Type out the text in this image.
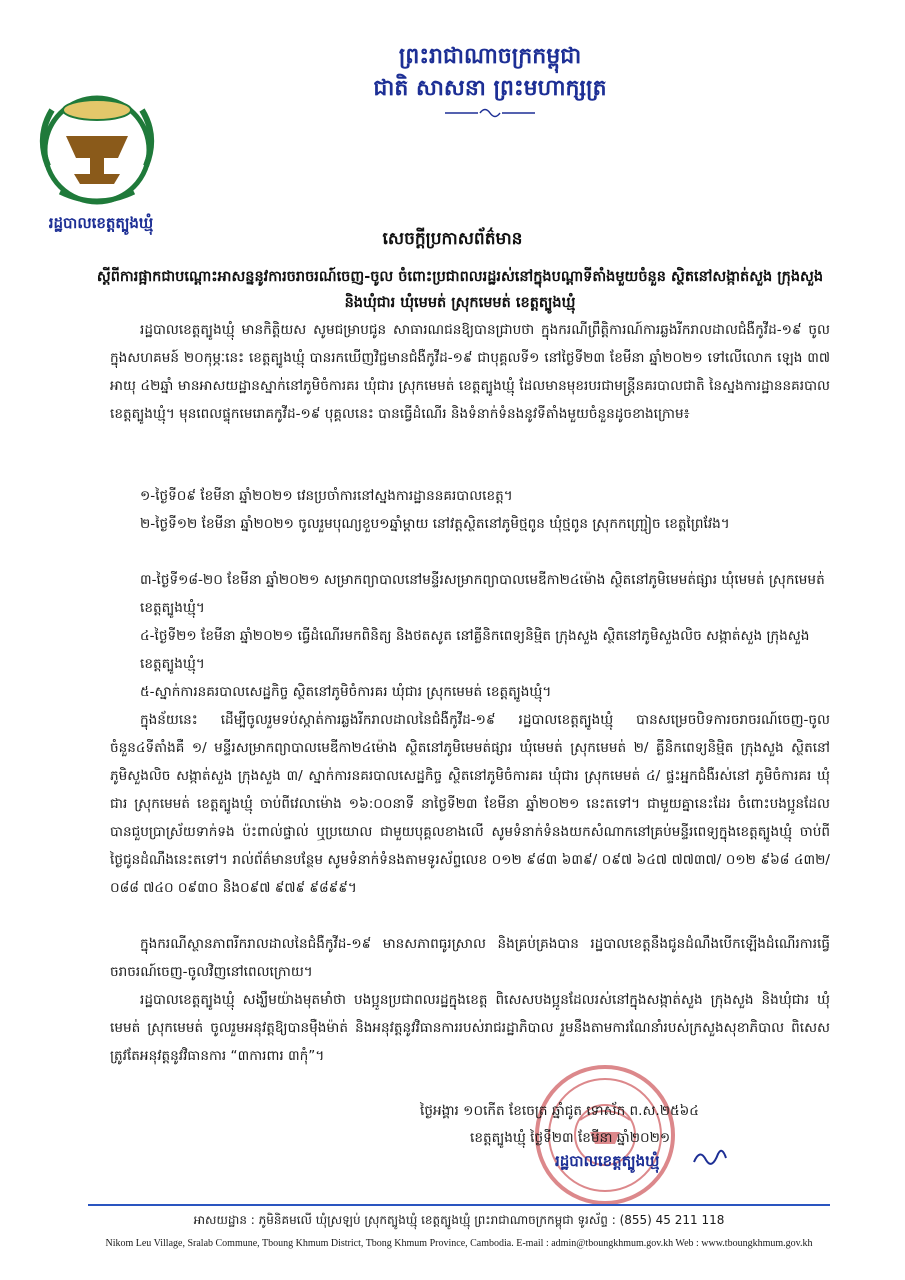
ព្រះរាជាណាចក្រកម្ពុជា
ជាតិ សាសនា ព្រះមហាក្សត្រ
រដ្ឋបាលខេត្តត្បូងឃ្មុំ
សេចក្តីប្រកាសព័ត៌មាន
ស្តីពីការផ្អាកជាបណ្តោះអាសន្ននូវការចរាចរណ៍ចេញ-ចូល ចំពោះប្រជាពលរដ្ឋរស់នៅក្នុងបណ្តាទីតាំងមួយចំនួន ស្ថិតនៅសង្កាត់សួង ក្រុងសួង និងឃុំជារ ឃុំមេមត់ ស្រុកមេមត់ ខេត្តត្បូងឃ្មុំ
រដ្ឋបាលខេត្តត្បូងឃ្មុំ មានកិត្តិយស សូមជម្រាបជូន សាធារណជនឱ្យបានជ្រាបថា ក្នុងករណីព្រឹត្តិការណ៍ការឆ្លងរីករាលដាលជំងឺកូវីដ-១៩ ចូលក្នុងសហគមន៍ ២០កុម្ភៈនេះ ខេត្តត្បូងឃ្មុំ បានរកឃើញវិជ្ជមានជំងឺកូវីដ-១៩ ជាបុគ្គលទី១ នៅថ្ងៃទី២៣ ខែមីនា ឆ្នាំ២០២១ ទៅលើលោក ឡេង ៣៧ អាយុ ៤២ឆ្នាំ មានអាសយដ្ឋានស្នាក់នៅភូមិចំការគរ ឃុំជារ ស្រុកមេមត់ ខេត្តត្បូងឃ្មុំ ដែលមានមុខរបរជាមន្ត្រីនគរបាលជាតិ នៃស្នងការដ្ឋាននគរបាលខេត្តត្បូងឃ្មុំ។ មុនពេលផ្ទុកមេរោគកូវីដ-១៩ បុគ្គលនេះ បានធ្វើដំណើរ និងទំនាក់ទំនងនូវទីតាំងមួយចំនួនដូចខាងក្រោម៖
១-ថ្ងៃទី០៩ ខែមីនា ឆ្នាំ២០២១ វេនប្រចាំការនៅស្នងការដ្ឋាននគរបាលខេត្ត។
២-ថ្ងៃទី១២ ខែមីនា ឆ្នាំ២០២១ ចូលរួមបុណ្យខួប១ឆ្នាំម្តាយ នៅវត្តស្ថិតនៅភូមិថ្មពូន ឃុំថ្មពូន ស្រុកកញ្ជ្រៀច ខេត្តព្រៃវែង។
៣-ថ្ងៃទី១៨-២០ ខែមីនា ឆ្នាំ២០២១ សម្រាកព្យាបាលនៅមន្ទីរសម្រាកព្យាបាលមេឌីកា២៤ម៉ោង ស្ថិតនៅភូមិមេមត់ផ្សារ ឃុំមេមត់ ស្រុកមេមត់ ខេត្តត្បូងឃ្មុំ។
៤-ថ្ងៃទី២១ ខែមីនា ឆ្នាំ២០២១ ធ្វើដំណើរមកពិនិត្យ និងថតសូត នៅគ្លីនិកពេទ្យនិម្មិត ក្រុងសួង ស្ថិតនៅភូមិសួងលិច សង្កាត់សួង ក្រុងសួង ខេត្តត្បូងឃ្មុំ។
៥-ស្នាក់ការនគរបាលសេដ្ឋកិច្ច ស្ថិតនៅភូមិចំការគរ ឃុំជារ ស្រុកមេមត់ ខេត្តត្បូងឃ្មុំ។
ក្នុងន័យនេះ ដើម្បីចូលរួមទប់ស្កាត់ការឆ្លងរីករាលដាលនៃជំងឺកូវីដ-១៩ រដ្ឋបាលខេត្តត្បូងឃ្មុំ បានសម្រេចបិទការចរាចរណ៍ចេញ-ចូល ចំនួន៤ទីតាំងគឺ ១/ មន្ទីរសម្រាកព្យាបាលមេឌីកា២៤ម៉ោង ស្ថិតនៅភូមិមេមត់ផ្សារ ឃុំមេមត់ ស្រុកមេមត់ ២/ គ្លីនិកពេទ្យនិម្មិត ក្រុងសួង ស្ថិតនៅភូមិសួងលិច សង្កាត់សួង ក្រុងសួង ៣/ ស្នាក់ការនគរបាលសេដ្ឋកិច្ច ស្ថិតនៅភូមិចំការគរ ឃុំជារ ស្រុកមេមត់ ៤/ ផ្ទះអ្នកជំងឺរស់នៅ ភូមិចំការគរ ឃុំជារ ស្រុកមេមត់ ខេត្តត្បូងឃ្មុំ ចាប់ពីវេលាម៉ោង ១៦:០០នាទី នាថ្ងៃទី២៣ ខែមីនា ឆ្នាំ២០២១ នេះតទៅ។ ជាមួយគ្នានេះដែរ ចំពោះបងប្អូនដែលបានជួបប្រាស្រ័យទាក់ទង ប៉ះពាល់ផ្ទាល់ ឬប្រយោល ជាមួយបុគ្គលខាងលើ សូមទំនាក់ទំនងយកសំណាកនៅគ្រប់មន្ទីរពេទ្យក្នុងខេត្តត្បូងឃ្មុំ ចាប់ពីថ្ងៃជូនដំណឹងនេះតទៅ។ រាល់ព័ត៌មានបន្ថែម សូមទំនាក់ទំនងតាមទូរស័ព្ទលេខ ០១២ ៩៨៣ ៦៣៩/ ០៩៧ ៦៤៧ ៧៧៣៧/ ០១២ ៩៦៨ ៤៣២/ ០៨៨ ៧៤០ ០៩៣០ និង០៩៧ ៩៧៩ ៩៨៩៩។
ក្នុងករណីស្ថានភាពរីករាលដាលនៃជំងឺកូវីដ-១៩ មានសភាពធូរស្រាល និងគ្រប់គ្រងបាន រដ្ឋបាលខេត្តនឹងជូនដំណឹងបើកឡើងដំណើរការធ្វើចរាចរណ៍ចេញ-ចូលវិញនៅពេលក្រោយ។
រដ្ឋបាលខេត្តត្បូងឃ្មុំ សង្ឃឹមយ៉ាងមុតមាំថា បងប្អូនប្រជាពលរដ្ឋក្នុងខេត្ត ពិសេសបងប្អូនដែលរស់នៅក្នុងសង្កាត់សួង ក្រុងសួង និងឃុំជារ ឃុំមេមត់ ស្រុកមេមត់ ចូលរួមអនុវត្តឱ្យបានម៉ឺងម៉ាត់ និងអនុវត្តនូវវិធានការរបស់រាជរដ្ឋាភិបាល រួមនឹងតាមការណែនាំរបស់ក្រសួងសុខាភិបាល ពិសេសត្រូវតែអនុវត្តនូវវិធានការ “៣ការពារ ៣កុំ”។
ថ្ងៃអង្គារ ១០កើត ខែចេត្រ ឆ្នាំជូត ទោស័ក ព.ស.២៥៦៤
ខេត្តត្បូងឃ្មុំ ថ្ងៃទី២៣ ខែមីនា ឆ្នាំ២០២១
រដ្ឋបាលខេត្តត្បូងឃ្មុំ
អាសយដ្ឋាន : ភូមិនិគមលើ ឃុំស្រឡប់ ស្រុកត្បូងឃ្មុំ ខេត្តត្បូងឃ្មុំ ព្រះរាជាណាចក្រកម្ពុជា ទូរស័ព្ទ : (855) 45 211 118
Nikom Leu Village, Sralab Commune, Tboung Khmum District, Tbong Khmum Province, Cambodia. E-mail : admin@tboungkhmum.gov.kh Web : www.tboungkhmum.gov.kh
